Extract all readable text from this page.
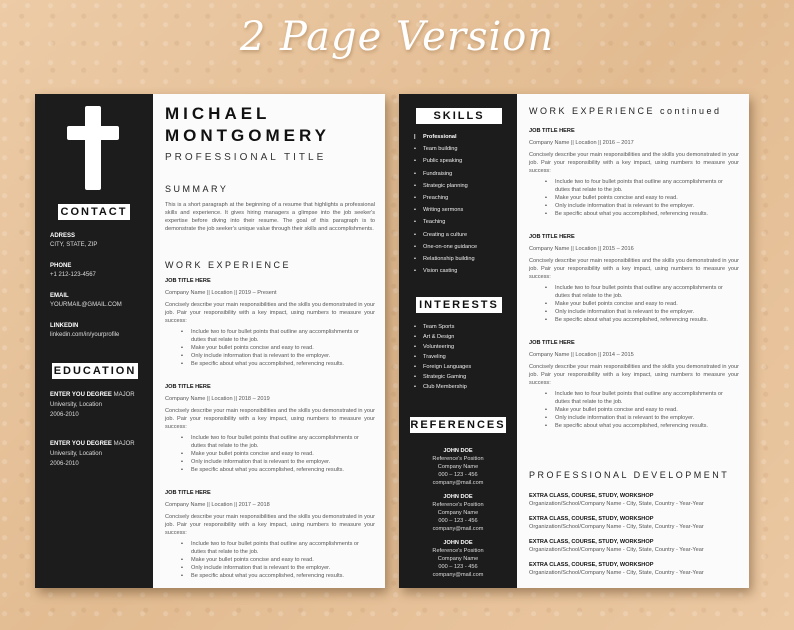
2 Page Version
CONTACT
ADRESS
CITY, STATE, ZIP
PHONE
+1 212-123-4567
EMAIL
YOURMAIL@GMAIL.COM
LINKEDIN
linkedin.com/in/yourprofile
EDUCATION
ENTER YOU DEGREE MAJOR
University, Location
2006-2010
ENTER YOU DEGREE MAJOR
University, Location
2006-2010
MICHAEL
MONTGOMERY
PROFESSIONAL TITLE
SUMMARY
This is a short paragraph at the beginning of a resume that highlights a professional skills and experience. It gives hiring managers a glimpse into the job seeker's expertise before diving into their resume. The goal of this paragraph is to demonstrate the job seeker's unique value through their skills and accomplishments.
WORK EXPERIENCE
JOB TITLE HERE
Company Name || Location || 2019 – Present
Concisely describe your main responsibilities and the skills you demonstrated in your job. Pair your responsibility with a key impact, using numbers to measure your success:
• Include two to four bullet points that outline any accomplishments or duties that relate to the job.
• Make your bullet points concise and easy to read.
• Only include information that is relevant to the employer.
• Be specific about what you accomplished, referencing results.
JOB TITLE HERE
Company Name || Location || 2018 – 2019
Concisely describe your main responsibilities and the skills you demonstrated in your job. Pair your responsibility with a key impact, using numbers to measure your success:
• Include two to four bullet points that outline any accomplishments or duties that relate to the job.
• Make your bullet points concise and easy to read.
• Only include information that is relevant to the employer.
• Be specific about what you accomplished, referencing results.
JOB TITLE HERE
Company Name || Location || 2017 – 2018
Concisely describe your main responsibilities and the skills you demonstrated in your job. Pair your responsibility with a key impact, using numbers to measure your success:
• Include two to four bullet points that outline any accomplishments or duties that relate to the job.
• Make your bullet points concise and easy to read.
• Only include information that is relevant to the employer.
• Be specific about what you accomplished, referencing results.
SKILLS
| Professional
• Team building
• Public speaking
• Fundraising
• Strategic planning
• Preaching
• Writing sermons
• Teaching
• Creating a culture
• One-on-one guidance
• Relationship building
• Vision casting
INTERESTS
• Team Sports
• Art & Design
• Volunteering
• Traveling
• Foreign Languages
• Strategic Gaming
• Club Membership
REFERENCES
JOHN DOE
Reference's Position
Company Name
000 – 123 - 456
company@mail.com
JOHN DOE
Reference's Position
Company Name
000 – 123 - 456
company@mail.com
JOHN DOE
Reference's Position
Company Name
000 – 123 - 456
company@mail.com
WORK EXPERIENCE continued
JOB TITLE HERE
Company Name || Location || 2016 – 2017
Concisely describe your main responsibilities and the skills you demonstrated in your job. Pair your responsibility with a key impact, using numbers to measure your success:
• Include two to four bullet points that outline any accomplishments or duties that relate to the job.
• Make your bullet points concise and easy to read.
• Only include information that is relevant to the employer.
• Be specific about what you accomplished, referencing results.
JOB TITLE HERE
Company Name || Location || 2015 – 2016
Concisely describe your main responsibilities and the skills you demonstrated in your job. Pair your responsibility with a key impact, using numbers to measure your success:
• Include two to four bullet points that outline any accomplishments or duties that relate to the job.
• Make your bullet points concise and easy to read.
• Only include information that is relevant to the employer.
• Be specific about what you accomplished, referencing results.
JOB TITLE HERE
Company Name || Location || 2014 – 2015
Concisely describe your main responsibilities and the skills you demonstrated in your job. Pair your responsibility with a key impact, using numbers to measure your success:
• Include two to four bullet points that outline any accomplishments or duties that relate to the job.
• Make your bullet points concise and easy to read.
• Only include information that is relevant to the employer.
• Be specific about what you accomplished, referencing results.
PROFESSIONAL DEVELOPMENT
EXTRA CLASS, COURSE, STUDY, WORKSHOP
Organization/School/Company Name - City, State, Country - Year-Year
EXTRA CLASS, COURSE, STUDY, WORKSHOP
Organization/School/Company Name - City, State, Country - Year-Year
EXTRA CLASS, COURSE, STUDY, WORKSHOP
Organization/School/Company Name - City, State, Country - Year-Year
EXTRA CLASS, COURSE, STUDY, WORKSHOP
Organization/School/Company Name - City, State, Country - Year-Year
